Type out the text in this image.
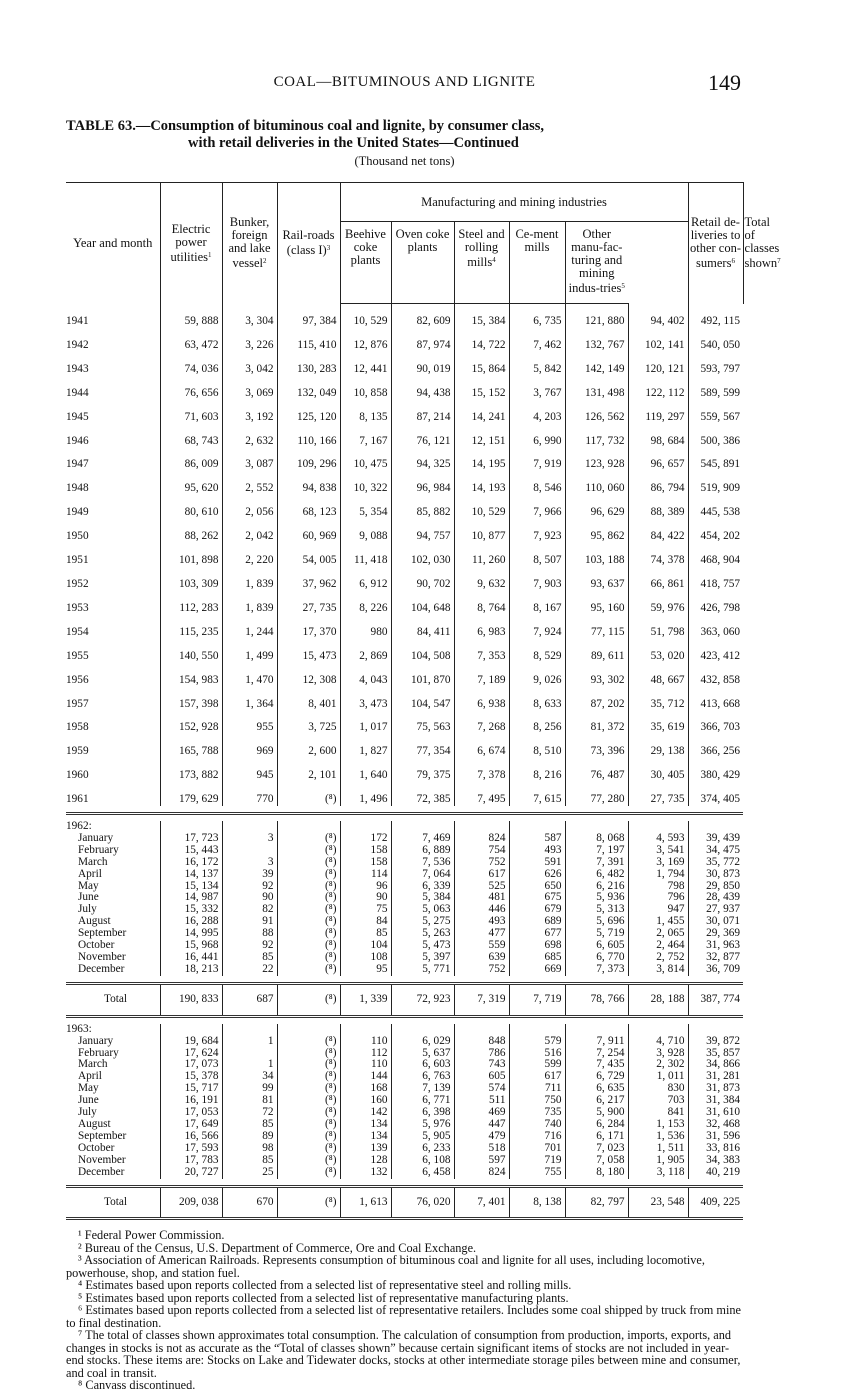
COAL—BITUMINOUS AND LIGNITE	149
TABLE 63.—Consumption of bituminous coal and lignite, by consumer class,
with retail deliveries in the United States—Continued
(Thousand net tons)
Year and month	Electric power utilities$^1$	Bunker, foreign and lake vessel$^2$	Rail-roads (class I)$^3$	Manufacturing and mining industries						Retail de-liveries to other con-sumers$^6$	Total of classes shown$^7$
				Beehive coke plants	Oven coke plants	Steel and rolling mills$^4$	Ce-ment mills	Other manu-fac-turing and mining indus-tries$^5$
1941	59, 888	3, 304	97, 384	10, 529	82, 609	15, 384	6, 735	121, 880	94, 402	492, 115	
1942	63, 472	3, 226	115, 410	12, 876	87, 974	14, 722	7, 462	132, 767	102, 141	540, 050	
1943	74, 036	3, 042	130, 283	12, 441	90, 019	15, 864	5, 842	142, 149	120, 121	593, 797	
1944	76, 656	3, 069	132, 049	10, 858	94, 438	15, 152	3, 767	131, 498	122, 112	589, 599	
1945	71, 603	3, 192	125, 120	8, 135	87, 214	14, 241	4, 203	126, 562	119, 297	559, 567	
1946	68, 743	2, 632	110, 166	7, 167	76, 121	12, 151	6, 990	117, 732	98, 684	500, 386	
1947	86, 009	3, 087	109, 296	10, 475	94, 325	14, 195	7, 919	123, 928	96, 657	545, 891	
1948	95, 620	2, 552	94, 838	10, 322	96, 984	14, 193	8, 546	110, 060	86, 794	519, 909	
1949	80, 610	2, 056	68, 123	5, 354	85, 882	10, 529	7, 966	96, 629	88, 389	445, 538	
1950	88, 262	2, 042	60, 969	9, 088	94, 757	10, 877	7, 923	95, 862	84, 422	454, 202	
1951	101, 898	2, 220	54, 005	11, 418	102, 030	11, 260	8, 507	103, 188	74, 378	468, 904	
1952	103, 309	1, 839	37, 962	6, 912	90, 702	9, 632	7, 903	93, 637	66, 861	418, 757	
1953	112, 283	1, 839	27, 735	8, 226	104, 648	8, 764	8, 167	95, 160	59, 976	426, 798	
1954	115, 235	1, 244	17, 370	980	84, 411	6, 983	7, 924	77, 115	51, 798	363, 060	
1955	140, 550	1, 499	15, 473	2, 869	104, 508	7, 353	8, 529	89, 611	53, 020	423, 412	
1956	154, 983	1, 470	12, 308	4, 043	101, 870	7, 189	9, 026	93, 302	48, 667	432, 858	
1957	157, 398	1, 364	8, 401	3, 473	104, 547	6, 938	8, 633	87, 202	35, 712	413, 668	
1958	152, 928	955	3, 725	1, 017	75, 563	7, 268	8, 256	81, 372	35, 619	366, 703	
1959	165, 788	969	2, 600	1, 827	77, 354	6, 674	8, 510	73, 396	29, 138	366, 256	
1960	173, 882	945	2, 101	1, 640	79, 375	7, 378	8, 216	76, 487	30, 405	380, 429	
1961	179, 629	770	(⁸)	1, 496	72, 385	7, 495	7, 615	77, 280	27, 735	374, 405	

1962:											
January	17, 723	3	(⁸)	172	7, 469	824	587	8, 068	4, 593	39, 439	
February	15, 443		(⁸)	158	6, 889	754	493	7, 197	3, 541	34, 475	
March	16, 172	3	(⁸)	158	7, 536	752	591	7, 391	3, 169	35, 772	
April	14, 137	39	(⁸)	114	7, 064	617	626	6, 482	1, 794	30, 873	
May	15, 134	92	(⁸)	96	6, 339	525	650	6, 216	798	29, 850	
June	14, 987	90	(⁸)	90	5, 384	481	675	5, 936	796	28, 439	
July	15, 332	82	(⁸)	75	5, 063	446	679	5, 313	947	27, 937	
August	16, 288	91	(⁸)	84	5, 275	493	689	5, 696	1, 455	30, 071	
September	14, 995	88	(⁸)	85	5, 263	477	677	5, 719	2, 065	29, 369	
October	15, 968	92	(⁸)	104	5, 473	559	698	6, 605	2, 464	31, 963	
November	16, 441	85	(⁸)	108	5, 397	639	685	6, 770	2, 752	32, 877	
December	18, 213	22	(⁸)	95	5, 771	752	669	7, 373	3, 814	36, 709	

Total	190, 833	687	(⁸)	1, 339	72, 923	7, 319	7, 719	78, 766	28, 188	387, 774	

1963:											
January	19, 684	1	(⁸)	110	6, 029	848	579	7, 911	4, 710	39, 872	
February	17, 624		(⁸)	112	5, 637	786	516	7, 254	3, 928	35, 857	
March	17, 073	1	(⁸)	110	6, 603	743	599	7, 435	2, 302	34, 866	
April	15, 378	34	(⁸)	144	6, 763	605	617	6, 729	1, 011	31, 281	
May	15, 717	99	(⁸)	168	7, 139	574	711	6, 635	830	31, 873	
June	16, 191	81	(⁸)	160	6, 771	511	750	6, 217	703	31, 384	
July	17, 053	72	(⁸)	142	6, 398	469	735	5, 900	841	31, 610	
August	17, 649	85	(⁸)	134	5, 976	447	740	6, 284	1, 153	32, 468	
September	16, 566	89	(⁸)	134	5, 905	479	716	6, 171	1, 536	31, 596	
October	17, 593	98	(⁸)	139	6, 233	518	701	7, 023	1, 511	33, 816	
November	17, 783	85	(⁸)	128	6, 108	597	719	7, 058	1, 905	34, 383	
December	20, 727	25	(⁸)	132	6, 458	824	755	8, 180	3, 118	40, 219	

Total	209, 038	670	(⁸)	1, 613	76, 020	7, 401	8, 138	82, 797	23, 548	409, 225	

¹ Federal Power Commission.

² Bureau of the Census, U.S. Department of Commerce, Ore and Coal Exchange.

³ Association of American Railroads. Represents consumption of bituminous coal and lignite for all uses, including locomotive, powerhouse, shop, and station fuel.

⁴ Estimates based upon reports collected from a selected list of representative steel and rolling mills.

⁵ Estimates based upon reports collected from a selected list of representative manufacturing plants.

⁶ Estimates based upon reports collected from a selected list of representative retailers. Includes some coal shipped by truck from mine to final destination.

⁷ The total of classes shown approximates total consumption. The calculation of consumption from production, imports, exports, and changes in stocks is not as accurate as the “Total of classes shown” because certain significant items of stocks are not included in year-end stocks. These items are: Stocks on Lake and Tidewater docks, stocks at other intermediate storage piles between mine and consumer, and coal in transit.

⁸ Canvass discontinued.
